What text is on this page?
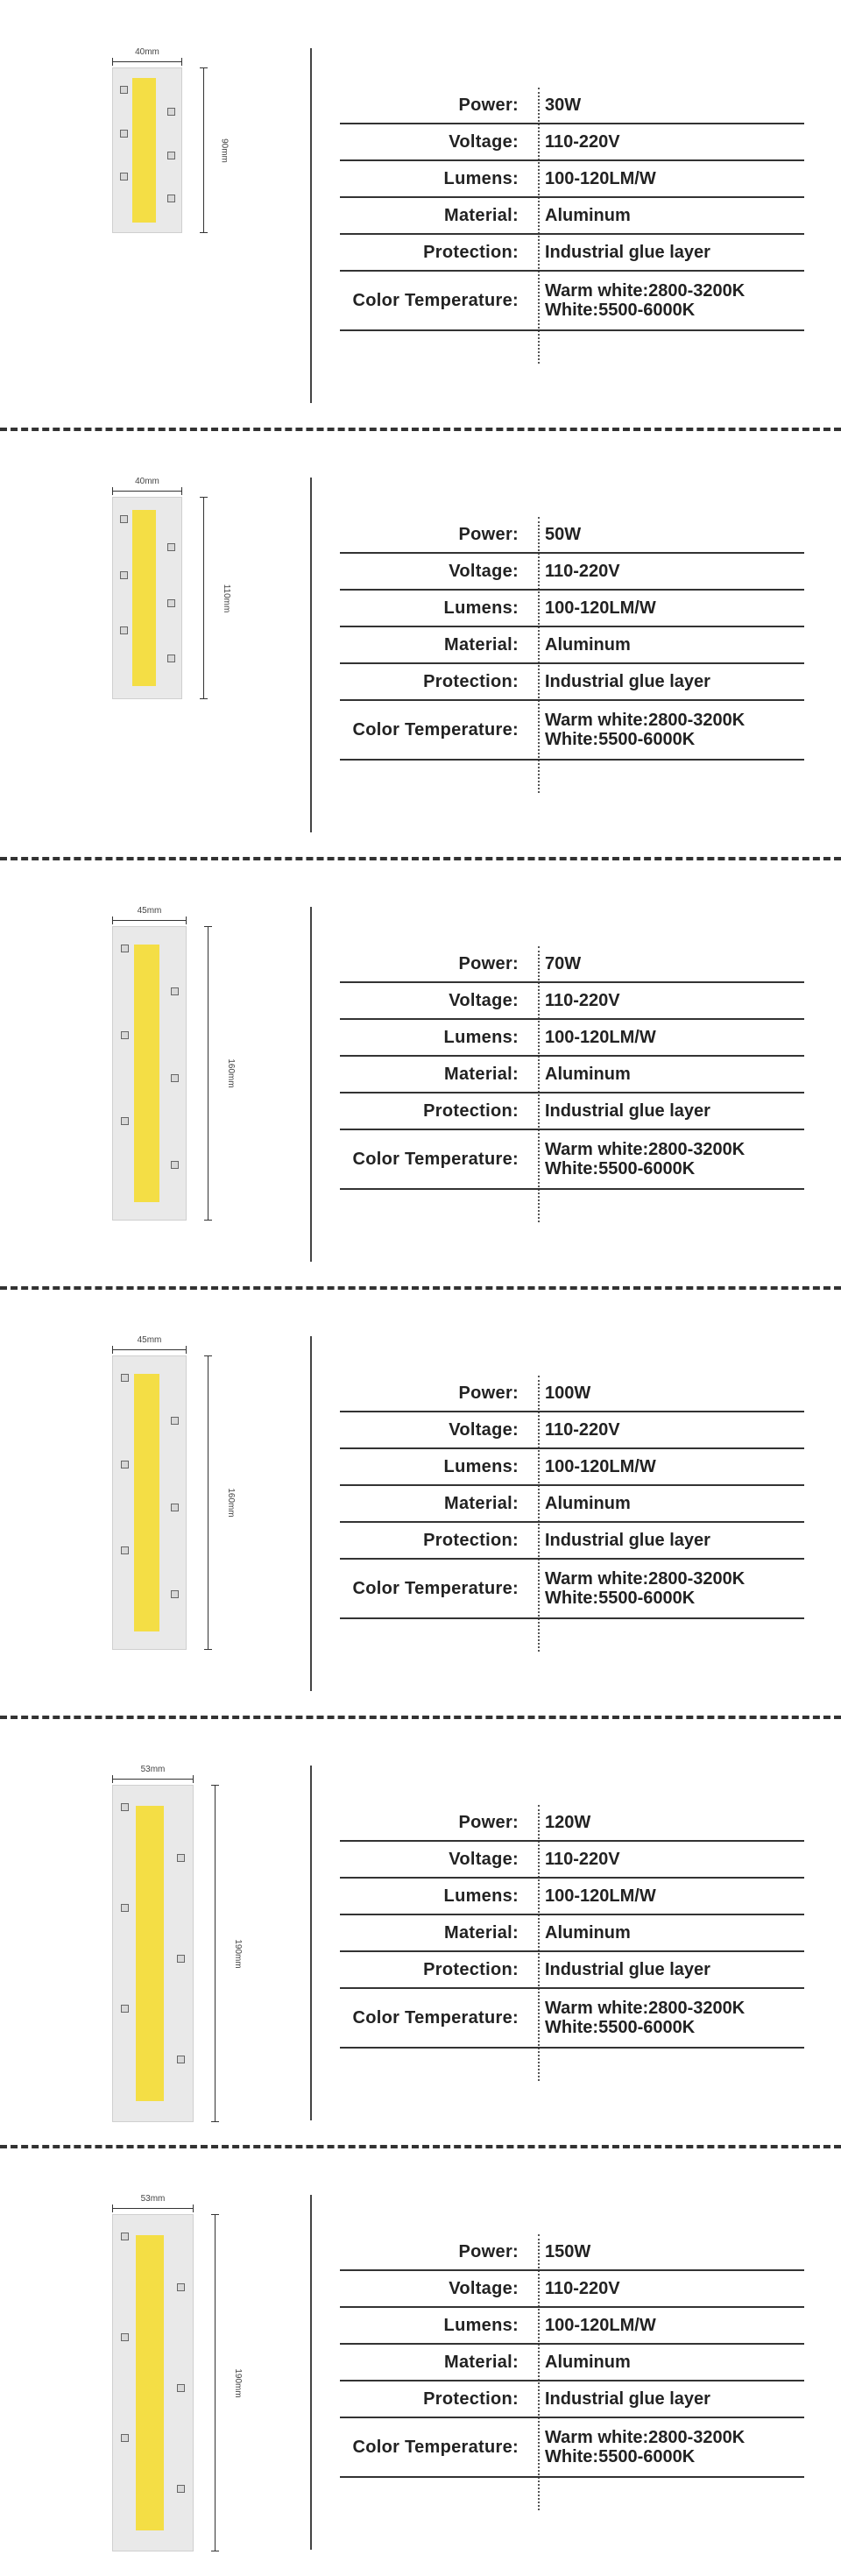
40mm
90mm
Power:	30W
Voltage:	110-220V
Lumens:	100-120LM/W
Material:	Aluminum
Protection:	Industrial glue layer
Color Temperature:	Warm white:2800-3200K
White:5500-6000K
40mm
110mm
Power:	50W
Voltage:	110-220V
Lumens:	100-120LM/W
Material:	Aluminum
Protection:	Industrial glue layer
Color Temperature:	Warm white:2800-3200K
White:5500-6000K
45mm
160mm
Power:	70W
Voltage:	110-220V
Lumens:	100-120LM/W
Material:	Aluminum
Protection:	Industrial glue layer
Color Temperature:	Warm white:2800-3200K
White:5500-6000K
45mm
160mm
Power:	100W
Voltage:	110-220V
Lumens:	100-120LM/W
Material:	Aluminum
Protection:	Industrial glue layer
Color Temperature:	Warm white:2800-3200K
White:5500-6000K
53mm
190mm
Power:	120W
Voltage:	110-220V
Lumens:	100-120LM/W
Material:	Aluminum
Protection:	Industrial glue layer
Color Temperature:	Warm white:2800-3200K
White:5500-6000K
53mm
190mm
Power:	150W
Voltage:	110-220V
Lumens:	100-120LM/W
Material:	Aluminum
Protection:	Industrial glue layer
Color Temperature:	Warm white:2800-3200K
White:5500-6000K
